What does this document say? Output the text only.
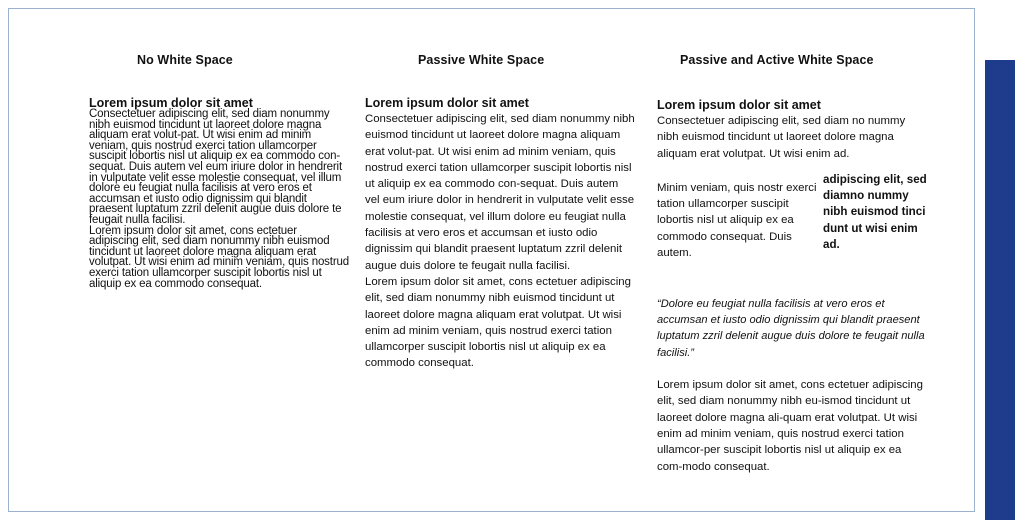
No White Space	Passive White Space	Passive and Active White Space
Lorem ipsum dolor sit amet

Consectetuer adipiscing elit, sed diam nonummy nibh euismod tincidunt ut laoreet dolore magna aliquam erat volut-pat. Ut wisi enim ad minim veniam, quis nostrud exerci tation ullamcorper suscipit lobortis nisl ut aliquip ex ea commodo con-sequat. Duis autem vel eum iriure dolor in hendrerit in vulputate velit esse molestie consequat, vel illum dolore eu feugiat nulla facilisis at vero eros et accumsan et iusto odio dignissim qui blandit praesent luptatum zzril delenit augue duis dolore te feugait nulla facilisi.

Lorem ipsum dolor sit amet, cons ectetuer adipiscing elit, sed diam nonummy nibh euismod tincidunt ut laoreet dolore magna aliquam erat volutpat. Ut wisi enim ad minim veniam, quis nostrud exerci tation ullamcorper suscipit lobortis nisl ut aliquip ex ea commodo consequat.

Lorem ipsum dolor sit amet

Consectetuer adipiscing elit, sed diam nonummy nibh euismod tincidunt ut laoreet dolore magna aliquam erat volut-pat. Ut wisi enim ad minim veniam, quis nostrud exerci tation ullamcorper suscipit lobortis nisl ut aliquip ex ea commodo con-sequat. Duis autem vel eum iriure dolor in hendrerit in vulputate velit esse molestie consequat, vel illum dolore eu feugiat nulla facilisis at vero eros et accumsan et iusto odio dignissim qui blandit praesent luptatum zzril delenit augue duis dolore te feugait nulla facilisi.

Lorem ipsum dolor sit amet, cons ectetuer adipiscing elit, sed diam nonummy nibh euismod tincidunt ut laoreet dolore magna aliquam erat volutpat. Ut wisi enim ad minim veniam, quis nostrud exerci tation ullamcorper suscipit lobortis nisl ut aliquip ex ea commodo consequat.

Lorem ipsum dolor sit amet

Consectetuer adipiscing elit, sed diam no nummy nibh euismod tincidunt ut laoreet dolore magna aliquam erat volutpat. Ut wisi enim ad.

Minim veniam, quis nostr exerci tation ullamcorper suscipit lobortis nisl ut aliquip ex ea commodo consequat. Duis autem.
adipiscing elit, sed diamno nummy nibh euismod tinci dunt ut wisi enim ad.

“Dolore eu feugiat nulla facilisis at vero eros et accumsan et iusto odio dignissim qui blandit praesent luptatum zzril delenit augue duis dolore te feugait nulla facilisi.”

Lorem ipsum dolor sit amet, cons ectetuer adipiscing elit, sed diam nonummy nibh eu-ismod tincidunt ut laoreet dolore magna ali-quam erat volutpat. Ut wisi enim ad minim veniam, quis nostrud exerci tation ullamcor-per suscipit lobortis nisl ut aliquip ex ea com-modo consequat.
